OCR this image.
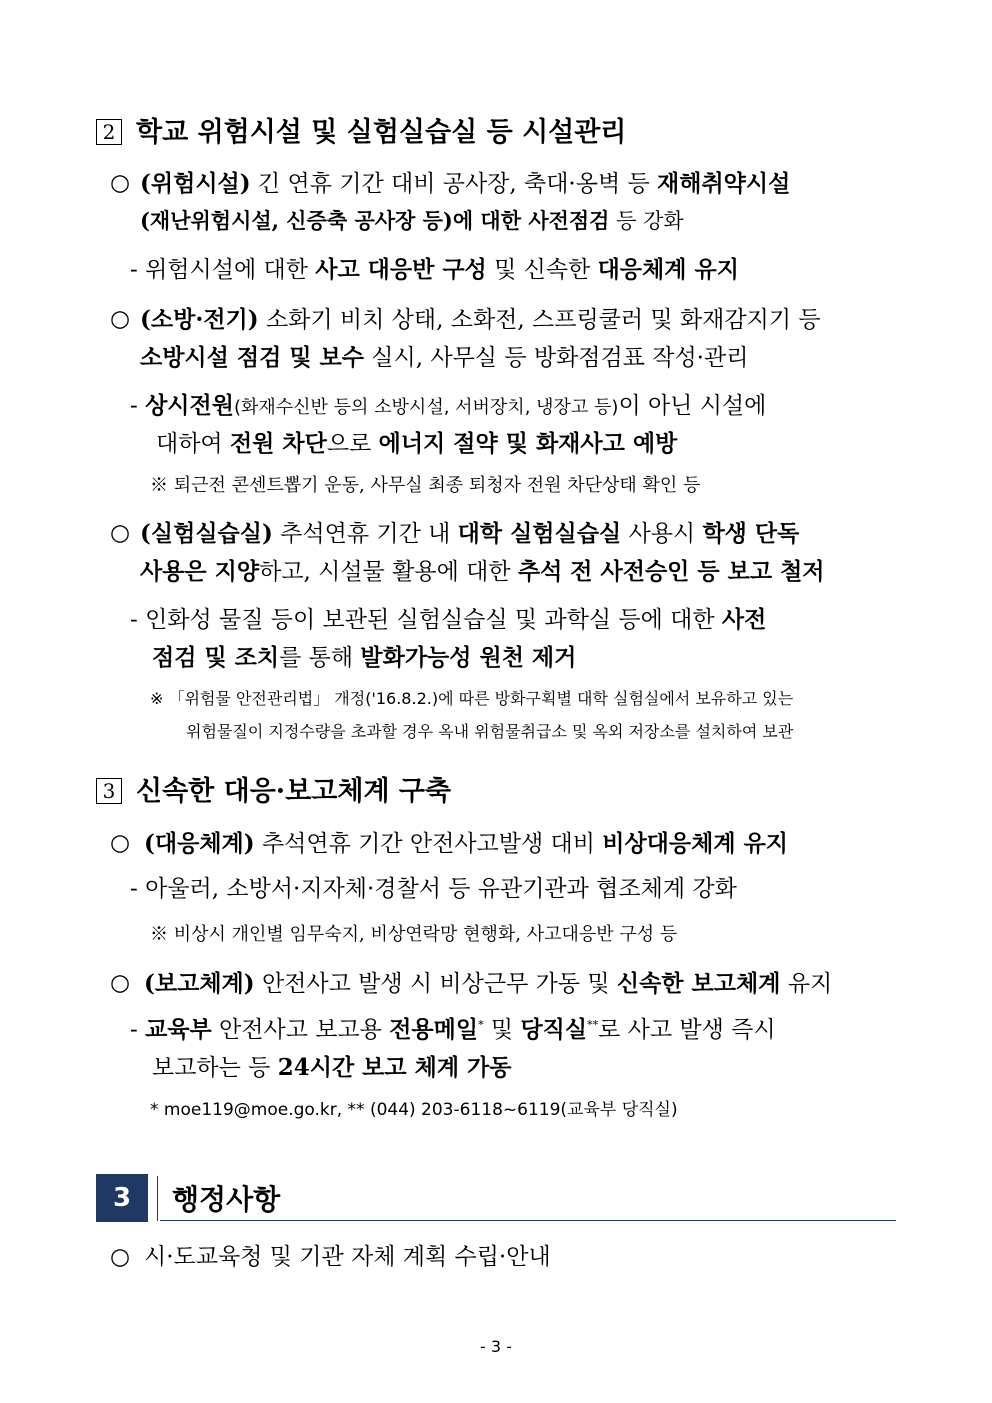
2 학교 위험시설 및 실험실습실 등 시설관리
○ (위험시설) 긴 연휴 기간 대비 공사장, 축대·옹벽 등 재해취약시설
(재난위험시설, 신증축 공사장 등)에 대한 사전점검 등 강화
- 위험시설에 대한 사고 대응반 구성 및 신속한 대응체계 유지
○ (소방·전기) 소화기 비치 상태, 소화전, 스프링쿨러 및 화재감지기 등
소방시설 점검 및 보수 실시, 사무실 등 방화점검표 작성·관리
- 상시전원(화재수신반 등의 소방시설, 서버장치, 냉장고 등)이 아닌 시설에
대하여 전원 차단으로 에너지 절약 및 화재사고 예방
※ 퇴근전 콘센트뽑기 운동, 사무실 최종 퇴청자 전원 차단상태 확인 등
○ (실험실습실) 추석연휴 기간 내 대학 실험실습실 사용시 학생 단독
사용은 지양하고, 시설물 활용에 대한 추석 전 사전승인 등 보고 철저
- 인화성 물질 등이 보관된 실험실습실 및 과학실 등에 대한 사전
점검 및 조치를 통해 발화가능성 원천 제거
※ 「위험물 안전관리법」 개정('16.8.2.)에 따른 방화구획별 대학 실험실에서 보유하고 있는
위험물질이 지정수량을 초과할 경우 옥내 위험물취급소 및 옥외 저장소를 설치하여 보관
3 신속한 대응·보고체계 구축
○ (대응체계) 추석연휴 기간 안전사고발생 대비 비상대응체계 유지
- 아울러, 소방서·지자체·경찰서 등 유관기관과 협조체계 강화
※ 비상시 개인별 임무숙지, 비상연락망 현행화, 사고대응반 구성 등
○ (보고체계) 안전사고 발생 시 비상근무 가동 및 신속한 보고체계 유지
- 교육부 안전사고 보고용 전용메일* 및 당직실**로 사고 발생 즉시
보고하는 등 24시간 보고 체계 가동
* moe119@moe.go.kr, ** (044) 203-6118~6119(교육부 당직실)
3	행정사항
○ 시·도교육청 및 기관 자체 계획 수립·안내
- 3 -
